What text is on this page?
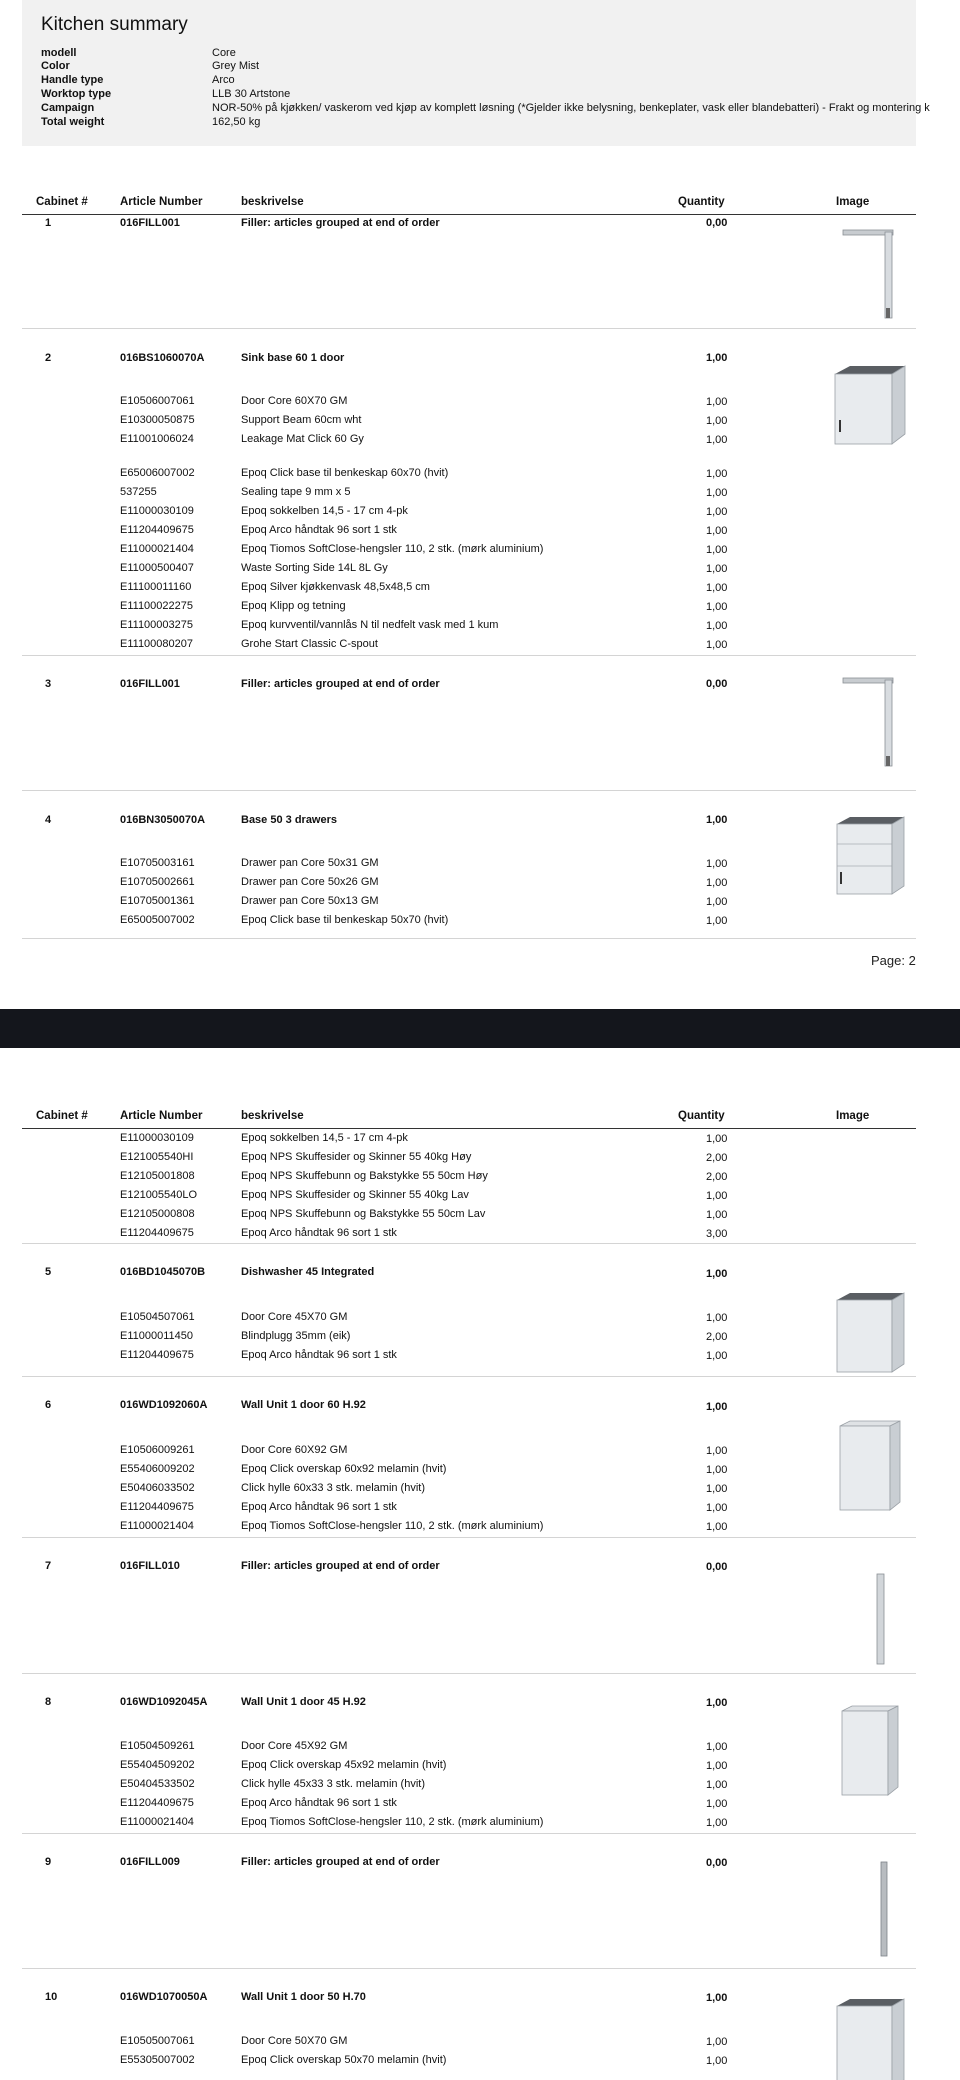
Kitchen summary
modell	Core
Color	Grey Mist
Handle type	Arco
Worktop type	LLB 30 Artstone
Campaign	NOR-50% på kjøkken/ vaskerom ved kjøp av komplett løsning (*Gjelder ikke belysning, benkeplater, vask eller blandebatteri) - Frakt og montering k
Total weight	162,50 kg
Cabinet #	Article Number	beskrivelse	Quantity	Image
1	016FILL001	Filler: articles grouped at end of order	0,00
2	016BS1060070A	Sink base 60 1 door	1,00
E10506007061	Door Core 60X70 GM	1,00
E10300050875	Support Beam 60cm wht	1,00
E11001006024	Leakage Mat Click 60 Gy	1,00
E65006007002	Epoq Click base til benkeskap 60x70 (hvit)	1,00
537255	Sealing tape 9 mm x 5	1,00
E11000030109	Epoq sokkelben 14,5 - 17 cm 4-pk	1,00
E11204409675	Epoq Arco håndtak 96 sort 1 stk	1,00
E11000021404	Epoq Tiomos SoftClose-hengsler 110, 2 stk. (mørk aluminium)	1,00
E11000500407	Waste Sorting Side 14L 8L Gy	1,00
E11100011160	Epoq Silver kjøkkenvask 48,5x48,5 cm	1,00
E11100022275	Epoq Klipp og tetning	1,00
E11100003275	Epoq kurvventil/vannlås N til nedfelt vask med 1 kum	1,00
E11100080207	Grohe Start Classic C-spout	1,00
3	016FILL001	Filler: articles grouped at end of order	0,00
4	016BN3050070A	Base 50 3 drawers	1,00
E10705003161	Drawer pan Core 50x31 GM	1,00
E10705002661	Drawer pan Core 50x26 GM	1,00
E10705001361	Drawer pan Core 50x13 GM	1,00
E65005007002	Epoq Click base til benkeskap 50x70 (hvit)	1,00
Page: 2
Cabinet #	Article Number	beskrivelse	Quantity	Image
E11000030109	Epoq sokkelben 14,5 - 17 cm 4-pk	1,00
E121005540HI	Epoq NPS Skuffesider og Skinner 55 40kg Høy	2,00
E12105001808	Epoq NPS Skuffebunn og Bakstykke 55 50cm Høy	2,00
E121005540LO	Epoq NPS Skuffesider og Skinner 55 40kg Lav	1,00
E12105000808	Epoq NPS Skuffebunn og Bakstykke 55 50cm Lav	1,00
E11204409675	Epoq Arco håndtak 96 sort 1 stk	3,00
5	016BD1045070B	Dishwasher 45 Integrated	1,00
E10504507061	Door Core 45X70 GM	1,00
E11000011450	Blindplugg 35mm (eik)	2,00
E11204409675	Epoq Arco håndtak 96 sort 1 stk	1,00
6	016WD1092060A	Wall Unit 1 door 60 H.92	1,00
E10506009261	Door Core 60X92 GM	1,00
E55406009202	Epoq Click overskap 60x92 melamin (hvit)	1,00
E50406033502	Click hylle 60x33 3 stk. melamin (hvit)	1,00
E11204409675	Epoq Arco håndtak 96 sort 1 stk	1,00
E11000021404	Epoq Tiomos SoftClose-hengsler 110, 2 stk. (mørk aluminium)	1,00
7	016FILL010	Filler: articles grouped at end of order	0,00
8	016WD1092045A	Wall Unit 1 door 45 H.92	1,00
E10504509261	Door Core 45X92 GM	1,00
E55404509202	Epoq Click overskap 45x92 melamin (hvit)	1,00
E50404533502	Click hylle 45x33 3 stk. melamin (hvit)	1,00
E11204409675	Epoq Arco håndtak 96 sort 1 stk	1,00
E11000021404	Epoq Tiomos SoftClose-hengsler 110, 2 stk. (mørk aluminium)	1,00
9	016FILL009	Filler: articles grouped at end of order	0,00
10	016WD1070050A	Wall Unit 1 door 50 H.70	1,00
E10505007061	Door Core 50X70 GM	1,00
E55305007002	Epoq Click overskap 50x70 melamin (hvit)	1,00
